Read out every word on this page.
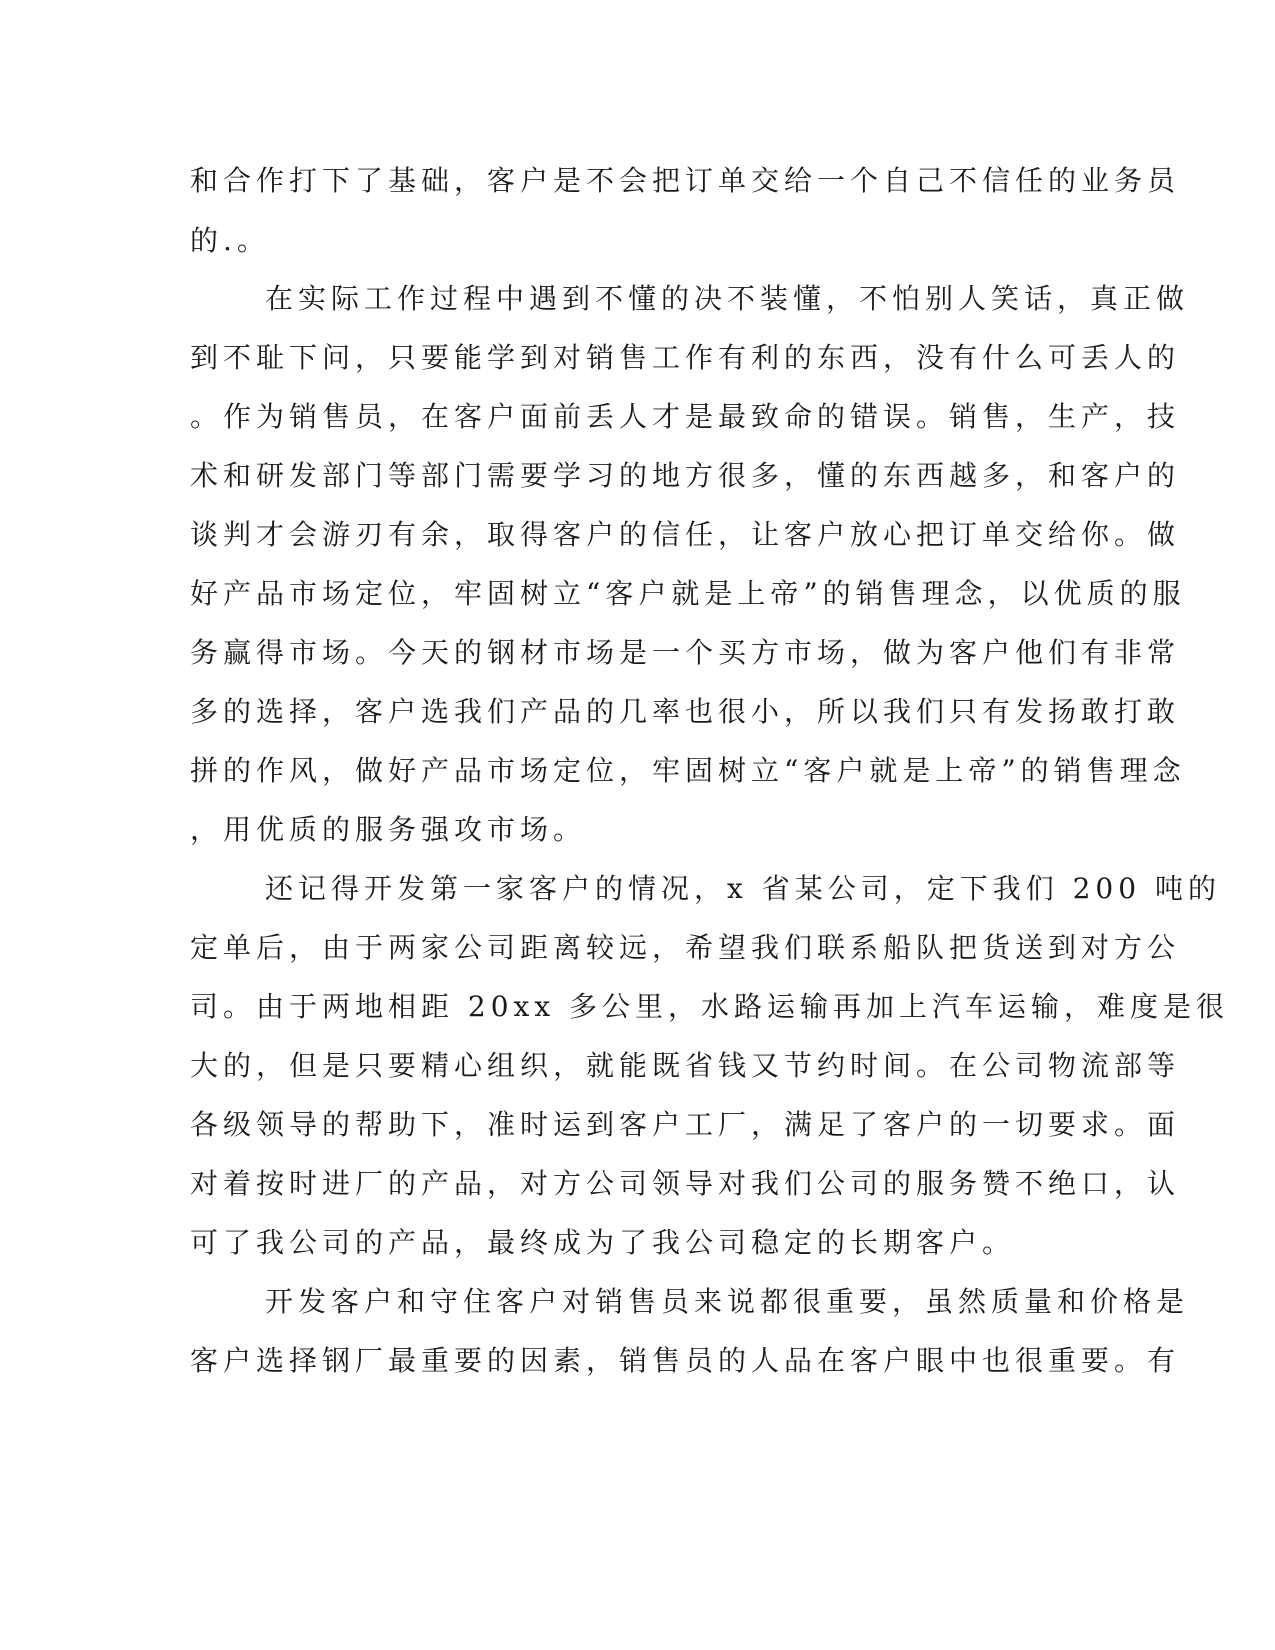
和合作打下了基础，客户是不会把订单交给一个自己不信任的业务员

的.。

在实际工作过程中遇到不懂的决不装懂，不怕别人笑话，真正做

到不耻下问，只要能学到对销售工作有利的东西，没有什么可丢人的

。作为销售员，在客户面前丢人才是最致命的错误。销售，生产，技

术和研发部门等部门需要学习的地方很多，懂的东西越多，和客户的

谈判才会游刃有余，取得客户的信任，让客户放心把订单交给你。做

好产品市场定位，牢固树立“客户就是上帝”的销售理念，以优质的服

务赢得市场。今天的钢材市场是一个买方市场，做为客户他们有非常

多的选择，客户选我们产品的几率也很小，所以我们只有发扬敢打敢

拼的作风，做好产品市场定位，牢固树立“客户就是上帝”的销售理念

，用优质的服务强攻市场。

还记得开发第一家客户的情况，x 省某公司，定下我们 200 吨的

定单后，由于两家公司距离较远，希望我们联系船队把货送到对方公

司。由于两地相距 20xx 多公里，水路运输再加上汽车运输，难度是很

大的，但是只要精心组织，就能既省钱又节约时间。在公司物流部等

各级领导的帮助下，准时运到客户工厂，满足了客户的一切要求。面

对着按时进厂的产品，对方公司领导对我们公司的服务赞不绝口，认

可了我公司的产品，最终成为了我公司稳定的长期客户。

开发客户和守住客户对销售员来说都很重要，虽然质量和价格是

客户选择钢厂最重要的因素，销售员的人品在客户眼中也很重要。有
